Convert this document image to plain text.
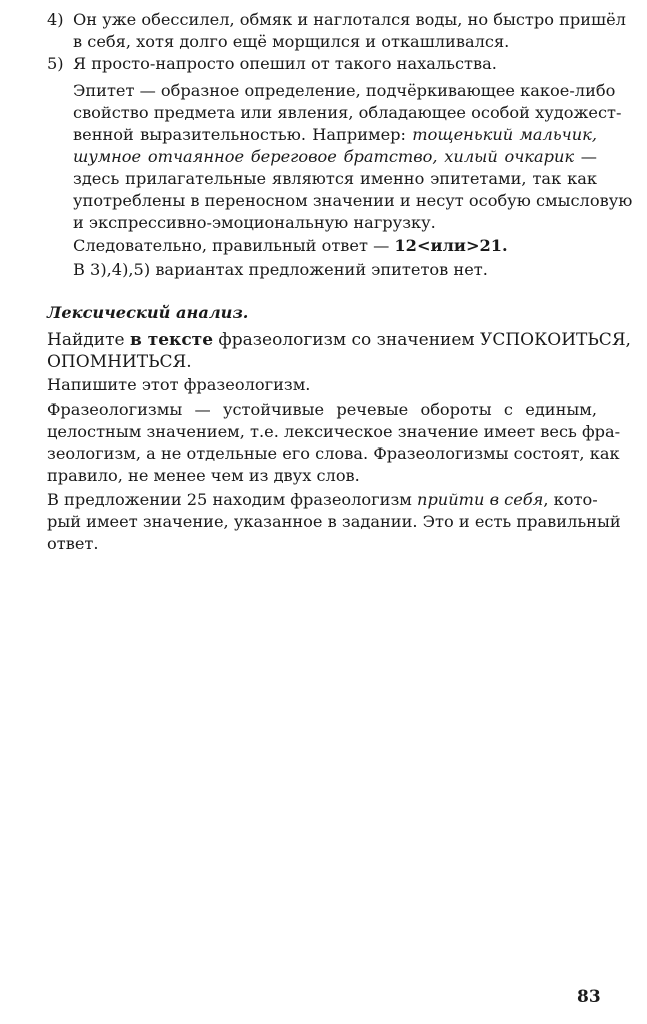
4) Он уже обессилел, обмяк и наглотался воды, но быстро пришёл
в себя, хотя долго ещё морщился и откашливался.
5) Я просто-напросто опешил от такого нахальства.
Эпитет — образное определение, подчёркивающее какое-либо
свойство предмета или явления, обладающее особой художест-
венной выразительностью. Например: тощенький мальчик,
шумное отчаянное береговое братство, хилый очкарик —
здесь прилагательные являются именно эпитетами, так как
употреблены в переносном значении и несут особую смысловую
и экспрессивно-эмоциональную нагрузку.
Следовательно, правильный ответ — 12<или>21.
В 3),4),5) вариантах предложений эпитетов нет.
Лексический анализ.
Найдите в тексте фразеологизм со значением УСПОКОИТЬСЯ,
ОПОМНИТЬСЯ.
Напишите этот фразеологизм.
Фразеологизмы — устойчивые речевые обороты с единым,
целостным значением, т.е. лексическое значение имеет весь фра-
зеологизм, а не отдельные его слова. Фразеологизмы состоят, как
правило, не менее чем из двух слов.
В предложении 25 находим фразеологизм прийти в себя, кото-
рый имеет значение, указанное в задании. Это и есть правильный
ответ.
83
